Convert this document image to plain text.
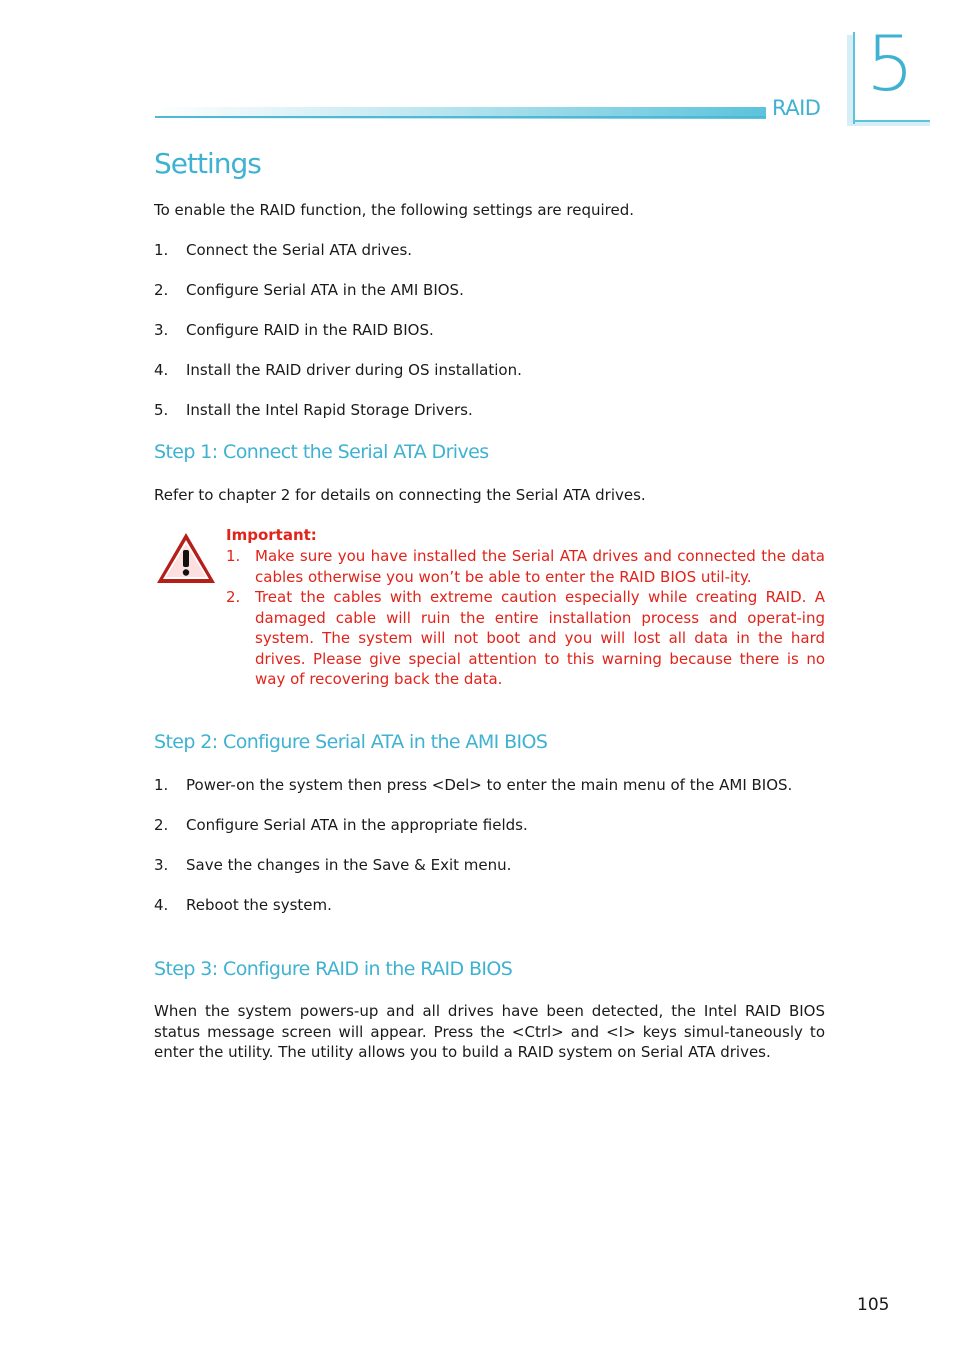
RAID 5
Settings
To enable the RAID function, the following settings are required.
1. Connect the Serial ATA drives.
2. Configure Serial ATA in the AMI BIOS.
3. Configure RAID in the RAID BIOS.
4. Install the RAID driver during OS installation.
5. Install the Intel Rapid Storage Drivers.
Step 1: Connect the Serial ATA Drives
Refer to chapter 2 for details on connecting the Serial ATA drives.
Important:
1. Make sure you have installed the Serial ATA drives and connected the data cables otherwise you won’t be able to enter the RAID BIOS util-ity.
2. Treat the cables with extreme caution especially while creating RAID. A damaged cable will ruin the entire installation process and operat-ing system. The system will not boot and you will lost all data in the hard drives. Please give special attention to this warning because there is no way of recovering back the data.
Step 2: Configure Serial ATA in the AMI BIOS
1. Power-on the system then press <Del> to enter the main menu of the AMI BIOS.
2. Configure Serial ATA in the appropriate fields.
3. Save the changes in the Save & Exit menu.
4. Reboot the system.
Step 3: Configure RAID in the RAID BIOS
When the system powers-up and all drives have been detected, the Intel RAID BIOS status message screen will appear. Press the <Ctrl> and <I> keys simul-taneously to enter the utility. The utility allows you to build a RAID system on Serial ATA drives.
105
